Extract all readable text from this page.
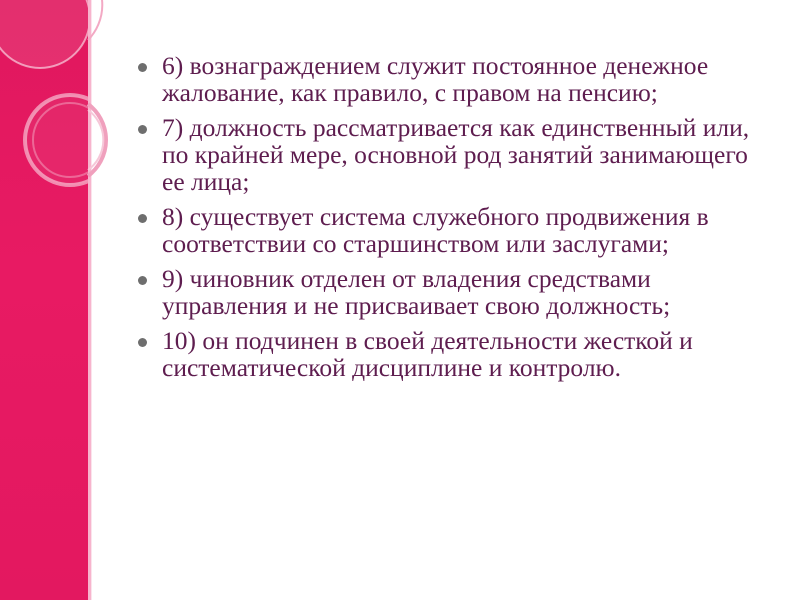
6) вознаграждением служит постоянное денежное жалование, как правило, с правом на пенсию;
7) должность рассматривается как единственный или, по крайней мере, основной род занятий занимающего ее лица;
8) существует система служебного продвижения в соответствии со старшинством или заслугами;
9) чиновник отделен от владения средствами управления и не присваивает свою должность;
10) он подчинен в своей деятельности жесткой и систематической дисциплине и контролю.
